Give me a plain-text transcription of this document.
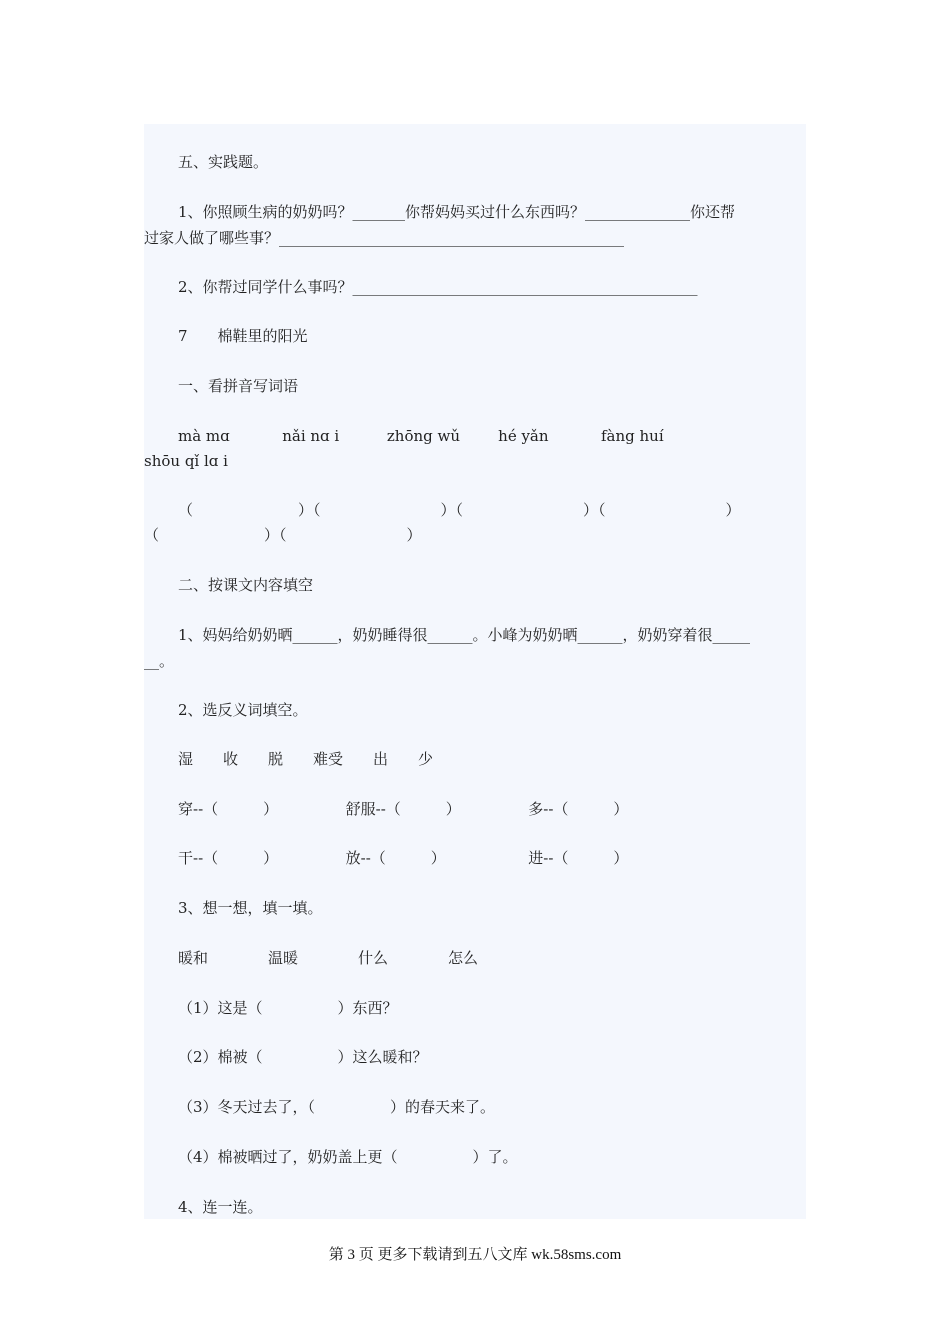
五、实践题。

1、你照顾生病的奶奶吗？_______你帮妈妈买过什么东西吗？______________你还帮

过家人做了哪些事？______________________________________________

2、你帮过同学什么事吗？______________________________________________

7　　棉鞋里的阳光

一、看拼音写词语

mà mɑ           nǎi nɑ i          zhōng wǔ        hé yǎn           fàng huí

shōu qǐ lɑ i

（　　　　　　　）（　　　　　　　　）（　　　　　　　　）（　　　　　　　　）

（　　　　　　　）（　　　　　　　　）

二、按课文内容填空

1、妈妈给奶奶晒______，奶奶睡得很______。小峰为奶奶晒______，奶奶穿着很_____

__。

2、选反义词填空。

湿　　收　　脱　　难受　　出　　少

穿--（　　　）　　　　　舒服--（　　　）　　　　　多--（　　　）

干--（　　　）　　　　　放--（　　　）　　　　　　进--（　　　）

3、想一想，填一填。

暖和　　　　温暖　　　　什么　　　　怎么

（1）这是（　　　　　）东西？

（2）棉被（　　　　　）这么暖和？

（3）冬天过去了，（　　　　　）的春天来了。

（4）棉被晒过了，奶奶盖上更（　　　　　）了。

4、连一连。

第 3 页 更多下载请到五八文库 wk.58sms.com
